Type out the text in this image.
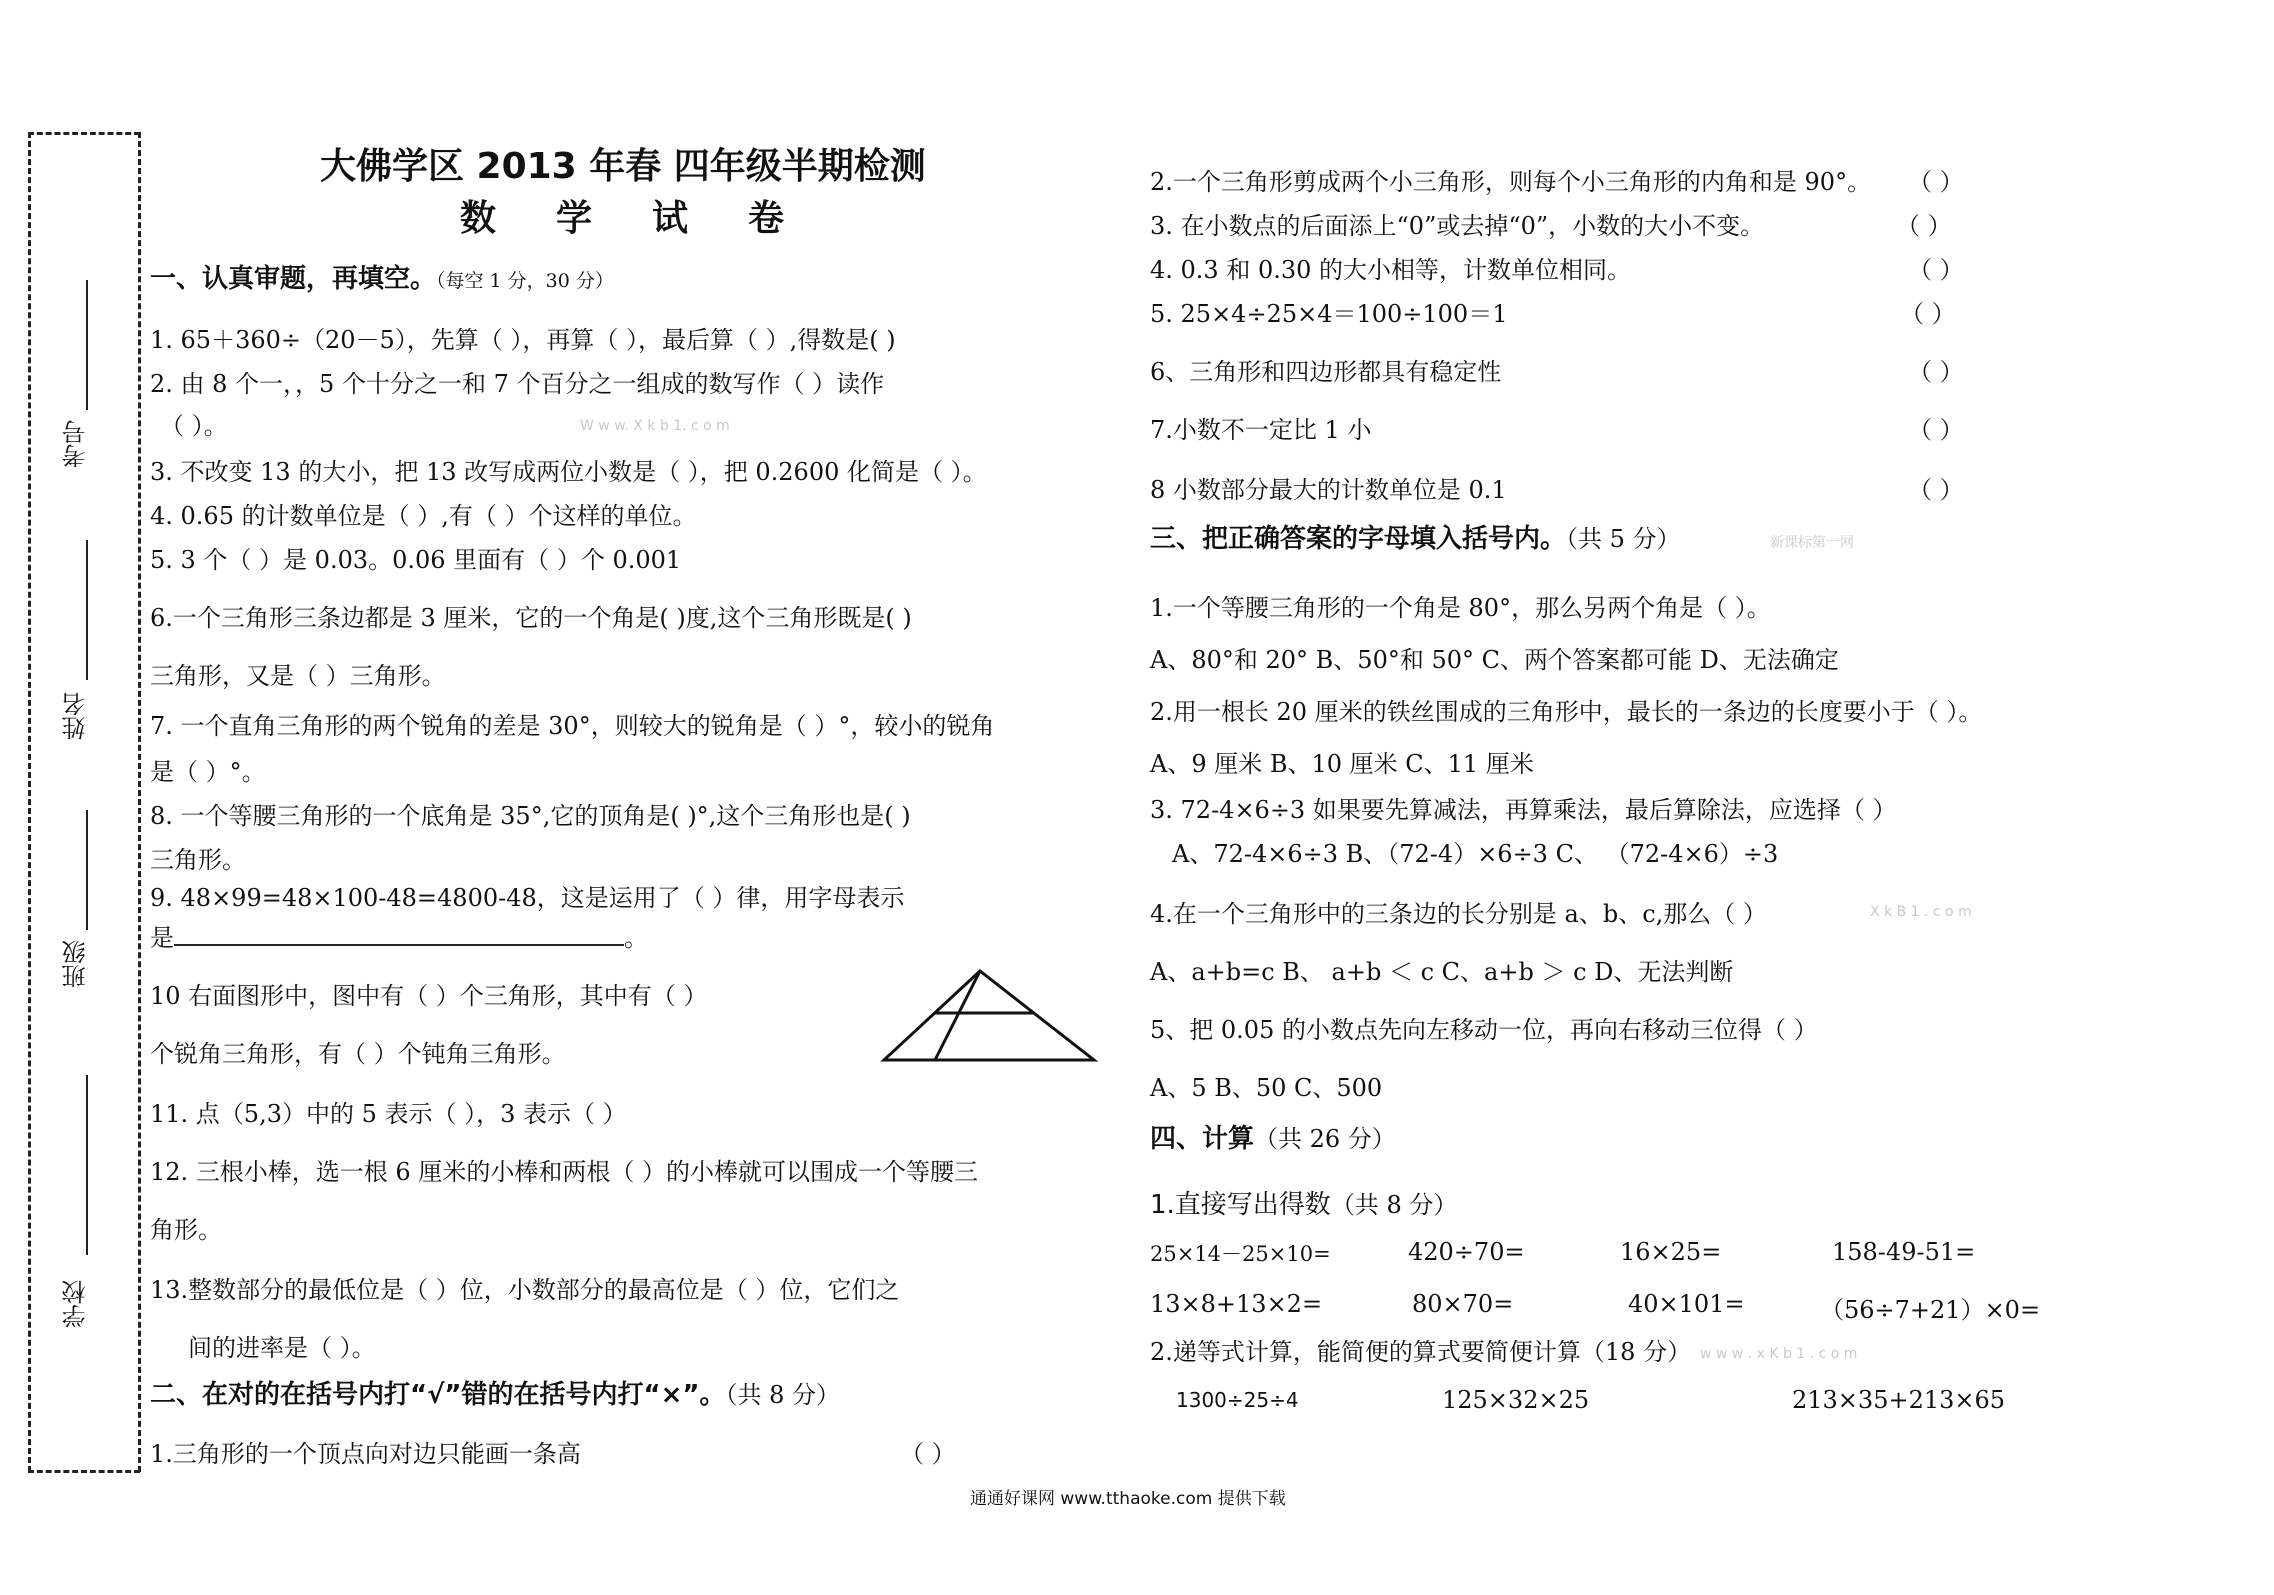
考号
姓名
班级
学校
大佛学区 2013 年春 四年级半期检测
数学试卷
一、认真审题，再填空。（每空 1 分，30 分）
1. 65＋360÷（20－5），先算（ ），再算（ ），最后算（ ）,得数是( )
2. 由 8 个一，，5 个十分之一和 7 个百分之一组成的数写作（ ）读作
（ ）。
3. 不改变 13 的大小，把 13 改写成两位小数是（ ），把 0.2600 化简是（ ）。
4. 0.65 的计数单位是（ ）,有（ ）个这样的单位。
5. 3 个（ ）是 0.03。0.06 里面有（ ）个 0.001
6.一个三角形三条边都是 3 厘米，它的一个角是( )度,这个三角形既是( )
三角形，又是（ ）三角形。
7. 一个直角三角形的两个锐角的差是 30°，则较大的锐角是（ ）°，较小的锐角
是（ ）°。
8. 一个等腰三角形的一个底角是 35°,它的顶角是( )°,这个三角形也是( )
三角形。
9. 48×99=48×100-48=4800-48，这是运用了（ ）律，用字母表示
是	。
10 右面图形中，图中有（ ）个三角形，其中有（ ）
个锐角三角形，有（ ）个钝角三角形。
11. 点（5,3）中的 5 表示（ ），3 表示（ ）
12. 三根小棒，选一根 6 厘米的小棒和两根（ ）的小棒就可以围成一个等腰三
角形。
13.整数部分的最低位是（ ）位，小数部分的最高位是（ ）位，它们之
间的进率是（ ）。
二、在对的在括号内打“√”错的在括号内打“×”。（共 8 分）
1.三角形的一个顶点向对边只能画一条高	（ ）
2.一个三角形剪成两个小三角形，则每个小三角形的内角和是 90°。 （ ）
3. 在小数点的后面添上“0”或去掉“0”，小数的大小不变。	（ ）
4. 0.3 和 0.30 的大小相等，计数单位相同。	（ ）
5. 25×4÷25×4＝100÷100＝1	（ ）
6、三角形和四边形都具有稳定性	（ ）
7.小数不一定比 1 小	（ ）
8 小数部分最大的计数单位是 0.1	（ ）
三、把正确答案的字母填入括号内。（共 5 分）	新课标第一网
1.一个等腰三角形的一个角是 80°，那么另两个角是（ ）。
A、80°和 20° B、50°和 50° C、两个答案都可能 D、无法确定
2.用一根长 20 厘米的铁丝围成的三角形中，最长的一条边的长度要小于（ ）。
A、9 厘米 B、10 厘米 C、11 厘米
3. 72-4×6÷3 如果要先算减法，再算乘法，最后算除法，应选择（ ）
A、72-4×6÷3 B、（72-4）×6÷3 C、 （72-4×6）÷3
4.在一个三角形中的三条边的长分别是 a、b、c,那么（ ）	X k B 1 . c o m
A、a+b=c B、 a+b ＜ c C、a+b ＞ c D、无法判断
5、把 0.05 的小数点先向左移动一位，再向右移动三位得（ ）
A、5 B、50 C、500
四、计算（共 26 分）
1.直接写出得数（共 8 分）
25×14－25×10=	420÷70=	16×25=	158-49-51=
13×8+13×2=	80×70=	40×101=	（56÷7+21）×0=
2.递等式计算，能简便的算式要简便计算（18 分） w w w . x K b 1 . c o m
1300÷25÷4	125×32×25	213×35+213×65
W w w. X k b 1. c o m
通通好课网 www.tthaoke.com 提供下载
